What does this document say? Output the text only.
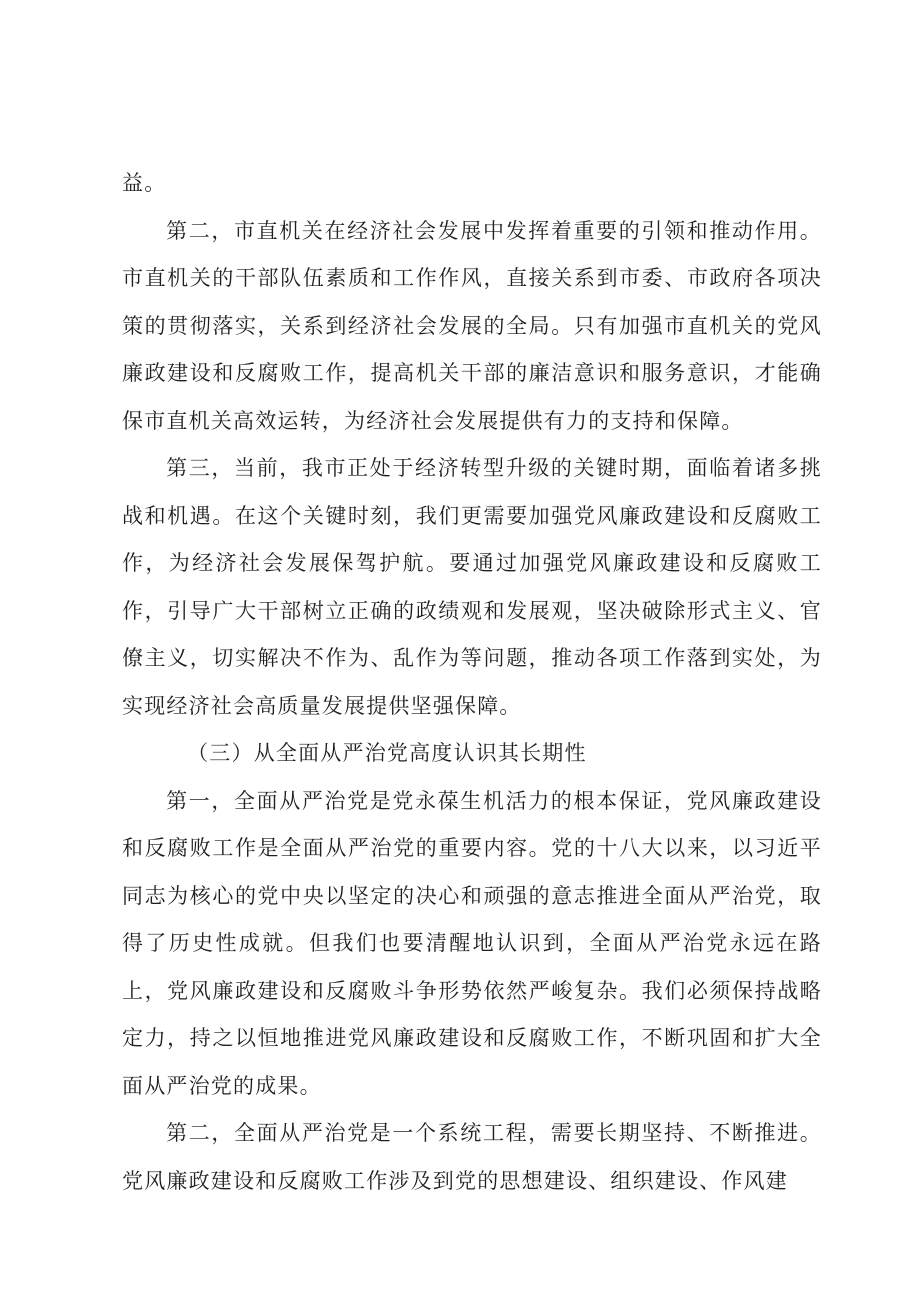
益。

第二，市直机关在经济社会发展中发挥着重要的引领和推动作用。市直机关的干部队伍素质和工作作风，直接关系到市委、市政府各项决策的贯彻落实，关系到经济社会发展的全局。只有加强市直机关的党风廉政建设和反腐败工作，提高机关干部的廉洁意识和服务意识，才能确保市直机关高效运转，为经济社会发展提供有力的支持和保障。

第三，当前，我市正处于经济转型升级的关键时期，面临着诸多挑战和机遇。在这个关键时刻，我们更需要加强党风廉政建设和反腐败工作，为经济社会发展保驾护航。要通过加强党风廉政建设和反腐败工作，引导广大干部树立正确的政绩观和发展观，坚决破除形式主义、官僚主义，切实解决不作为、乱作为等问题，推动各项工作落到实处，为实现经济社会高质量发展提供坚强保障。

（三）从全面从严治党高度认识其长期性

第一，全面从严治党是党永葆生机活力的根本保证，党风廉政建设和反腐败工作是全面从严治党的重要内容。党的十八大以来，以习近平同志为核心的党中央以坚定的决心和顽强的意志推进全面从严治党，取得了历史性成就。但我们也要清醒地认识到，全面从严治党永远在路上，党风廉政建设和反腐败斗争形势依然严峻复杂。我们必须保持战略定力，持之以恒地推进党风廉政建设和反腐败工作，不断巩固和扩大全面从严治党的成果。

第二，全面从严治党是一个系统工程，需要长期坚持、不断推进。党风廉政建设和反腐败工作涉及到党的思想建设、组织建设、作风建
